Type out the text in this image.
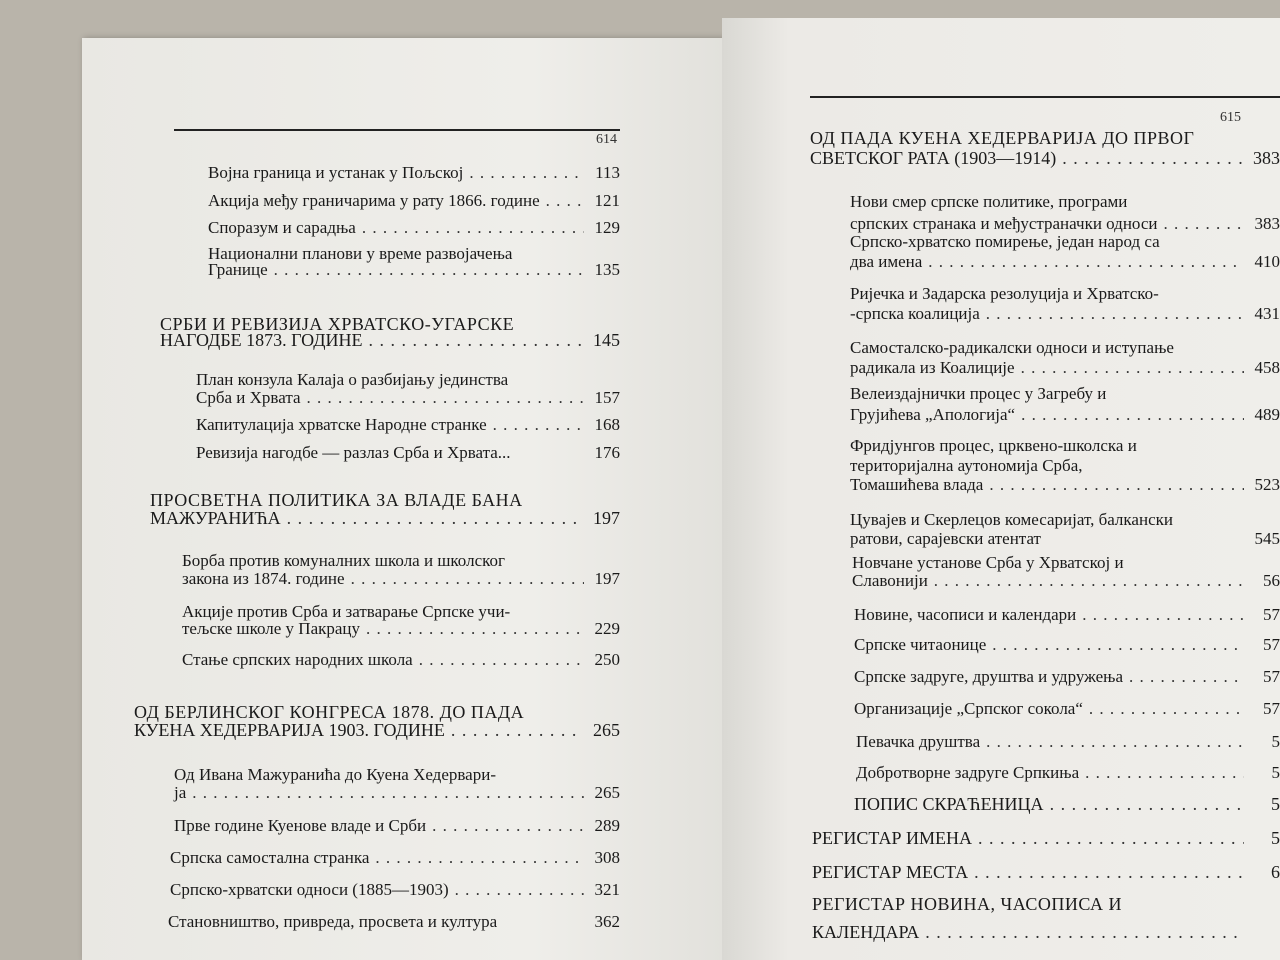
614
Војна граница и устанак у Пољској . . .	113
Акција међу граничарима у рату 1866. године . . .	121
Споразум и сарадња . . .	129
Национални планови у време развојачења
Границе . . .	135
СРБИ И РЕВИЗИЈА ХРВАТСКО-УГАРСКЕ
НАГОДБЕ 1873. ГОДИНЕ . . .	145
План конзула Калаја о разбијању јединства
Срба и Хрвата . . .	157
Капитулација хрватске Народне странке . . .	168
Ревизија нагодбе — разлаз Срба и Хрвата...	176
ПРОСВЕТНА ПОЛИТИКА ЗА ВЛАДЕ БАНА
МАЖУРАНИЋА . . .	197
Борба против комуналних школа и школског
закона из 1874. године . . .	197
Акције против Срба и затварање Српске учи-
тељске школе у Пакрацу . . .	229
Стање српских народних школа . . .	250
ОД БЕРЛИНСКОГ КОНГРЕСА 1878. ДО ПАДА
КУЕНА ХЕДЕРВАРИЈА 1903. ГОДИНЕ . . .	265
Од Ивана Мажуранића до Куена Хедервари-
ја . . .	265
Прве године Куенове владе и Срби . . .	289
Српска самостална странка . . .	308
Српско-хрватски односи (1885—1903) . . .	321
Становништво, привреда, просвета и култура	362
615
ОД ПАДА КУЕНА ХЕДЕРВАРИЈА ДО ПРВОГ
СВЕТСКОГ РАТА (1903—1914) . . .	383
Нови смер српске политике, програми
српских странака и међустраначки односи . . .	383
Српско-хрватско помирење, један народ са
два имена . . .	410
Ријечка и Задарска резолуција и Хрватско-
-српска коалиција . . .	431
Самосталско-радикалски односи и иступање
радикала из Коалиције . . .	458
Велеиздајнички процес у Загребу и
Грујићева „Апологија“ . . .	489
Фридјунгов процес, црквено-школска и
територијална аутономија Срба,
Томашићева влада . . .	523
Цуваjев и Скерлецов комесаријат, балкански
ратови, сарајевски атентат	545
Новчане установе Срба у Хрватској и
Славонији . . .	56
Новине, часописи и календари . . .	57
Српске читаонице . . .	57
Српске задруге, друштва и удружења . . .	57
Организације „Српског сокола“ . . .	57
Певачка друштва . . .	5
Добротворне задруге Српкиња . . .	5
ПОПИС СКРАЋЕНИЦА . . .	5
РЕГИСТАР ИМЕНА . . .	5
РЕГИСТАР МЕСТА . . .	6
РЕГИСТАР НОВИНА, ЧАСОПИСА И
КАЛЕНДАРА
. . .
